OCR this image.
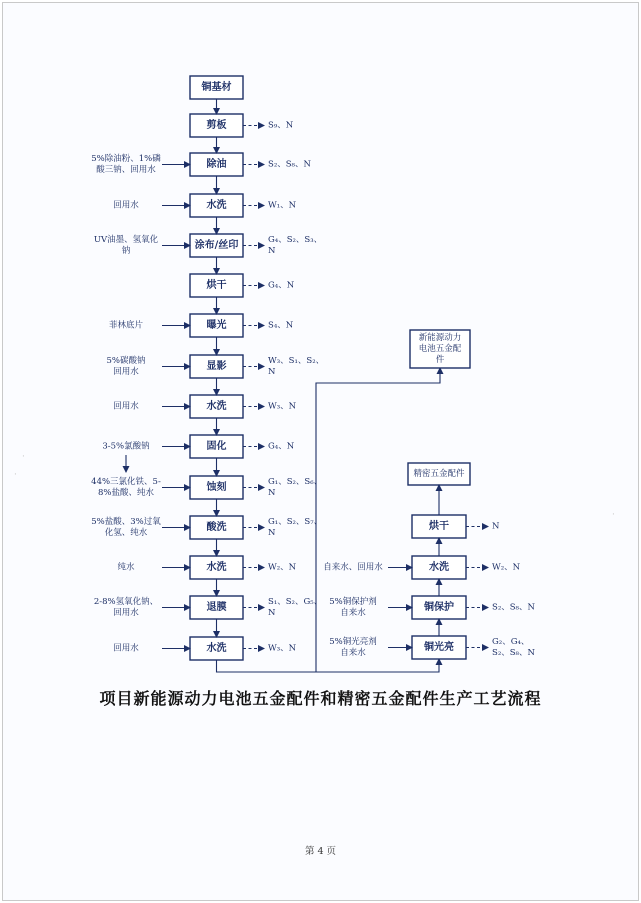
铜基材
剪板	S₉、N
除油
5%除油粉、1%磷
酸三钠、回用水
S₂、S₈、N
水洗
回用水	W₁、N
涂布/丝印
UV油墨、氢氧化
钠
G₄、S₂、S₃、
N
烘干	G₄、N
曝光
菲林底片	S₄、N
显影
5%碳酸钠
回用水
W₃、S₁、S₂、
N
水洗
回用水	W₃、N
固化
3-5%氯酸钠	G₄、N
蚀刻
44%三氯化铁、5-
8%盐酸、纯水
G₁、S₂、S₆、
N
酸洗
5%盐酸、3%过氧
化氢、纯水
G₁、S₂、S₇、
N
水洗
纯水	W₂、N
退膜
2-8%氢氧化钠、
回用水
S₁、S₂、G₅、
N
水洗
回用水	W₃、N
新能源动力
电池五金配
件
精密五金配件
烘干	N
水洗
自来水、回用水	W₂、N
铜保护
5%铜保护剂
自来水
S₂、S₈、N
铜光亮
5%铜光亮剂
自来水
G₂、G₄、
S₂、S₈、N
项目新能源动力电池五金配件和精密五金配件生产工艺流程
第 4 页
·
·
·
